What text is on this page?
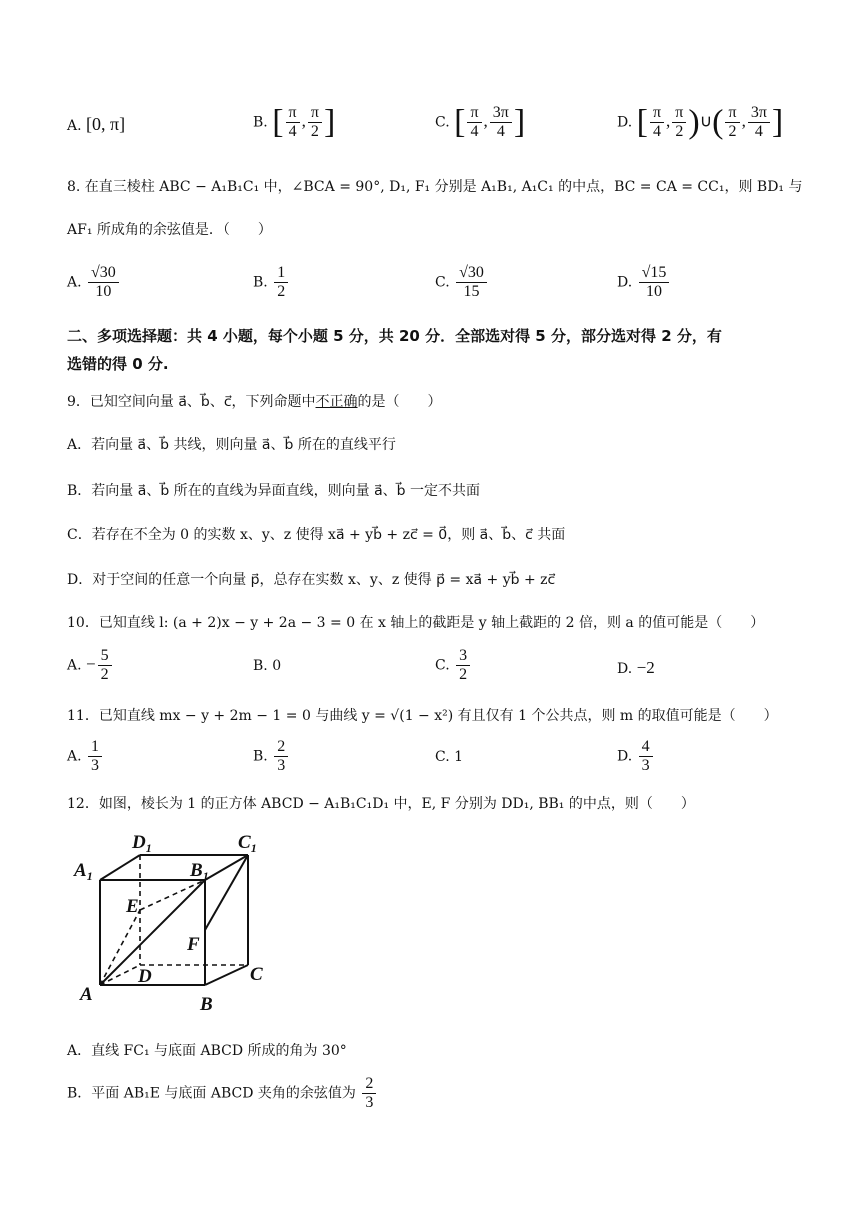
A. [0, π]	B. [ $\frac{\pi}{4}$ , $\frac{\pi}{2}$ ]	C. [ $\frac{\pi}{4}$ , $\frac{3\pi}{4}$ ]	D. [ $\frac{\pi}{4}$ , $\frac{\pi}{2}$ )∪( $\frac{\pi}{2}$ , $\frac{3\pi}{4}$ ]
8. 在直三棱柱 ABC − A₁B₁C₁ 中，∠BCA = 90°, D₁, F₁ 分别是 A₁B₁, A₁C₁ 的中点，BC = CA = CC₁，则 BD₁ 与
AF₁ 所成角的余弦值是．（　　）
A. $\frac{√30}{10}$	B. $\frac{1}{2}$	C. $\frac{√30}{15}$	D. $\frac{√15}{10}$
二、多项选择题：共 4 小题，每个小题 5 分，共 20 分．全部选对得 5 分，部分选对得 2 分，有
选错的得 0 分.
9．已知空间向量 a⃗、b⃗、c⃗，下列命题中不正确的是（　　）
A．若向量 a⃗、b⃗ 共线，则向量 a⃗、b⃗ 所在的直线平行
B．若向量 a⃗、b⃗ 所在的直线为异面直线，则向量 a⃗、b⃗ 一定不共面
C．若存在不全为 0 的实数 x、y、z 使得 xa⃗ + yb⃗ + zc⃗ = 0⃗，则 a⃗、b⃗、c⃗ 共面
D．对于空间的任意一个向量 p⃗，总存在实数 x、y、z 使得 p⃗ = xa⃗ + yb⃗ + zc⃗
10．已知直线 l: (a + 2)x − y + 2a − 3 = 0 在 x 轴上的截距是 y 轴上截距的 2 倍，则 a 的值可能是（　　）
A. − $\frac{5}{2}$	B. 0	C. $\frac{3}{2}$	D. −2
11．已知直线 mx − y + 2m − 1 = 0 与曲线 y = √(1 − x²) 有且仅有 1 个公共点，则 m 的取值可能是（　　）
A. $\frac{1}{3}$	B. $\frac{2}{3}$	C. 1	D. $\frac{4}{3}$
12．如图，棱长为 1 的正方体 ABCD − A₁B₁C₁D₁ 中，E, F 分别为 DD₁, BB₁ 的中点，则（　　）
$D_1$	$C_1$
$A_1$	$B_1$
E
F
D	C
A	B
A．直线 FC₁ 与底面 ABCD 所成的角为 30°
B．平面 AB₁E 与底面 ABCD 夹角的余弦值为 $\frac{2}{3}$
